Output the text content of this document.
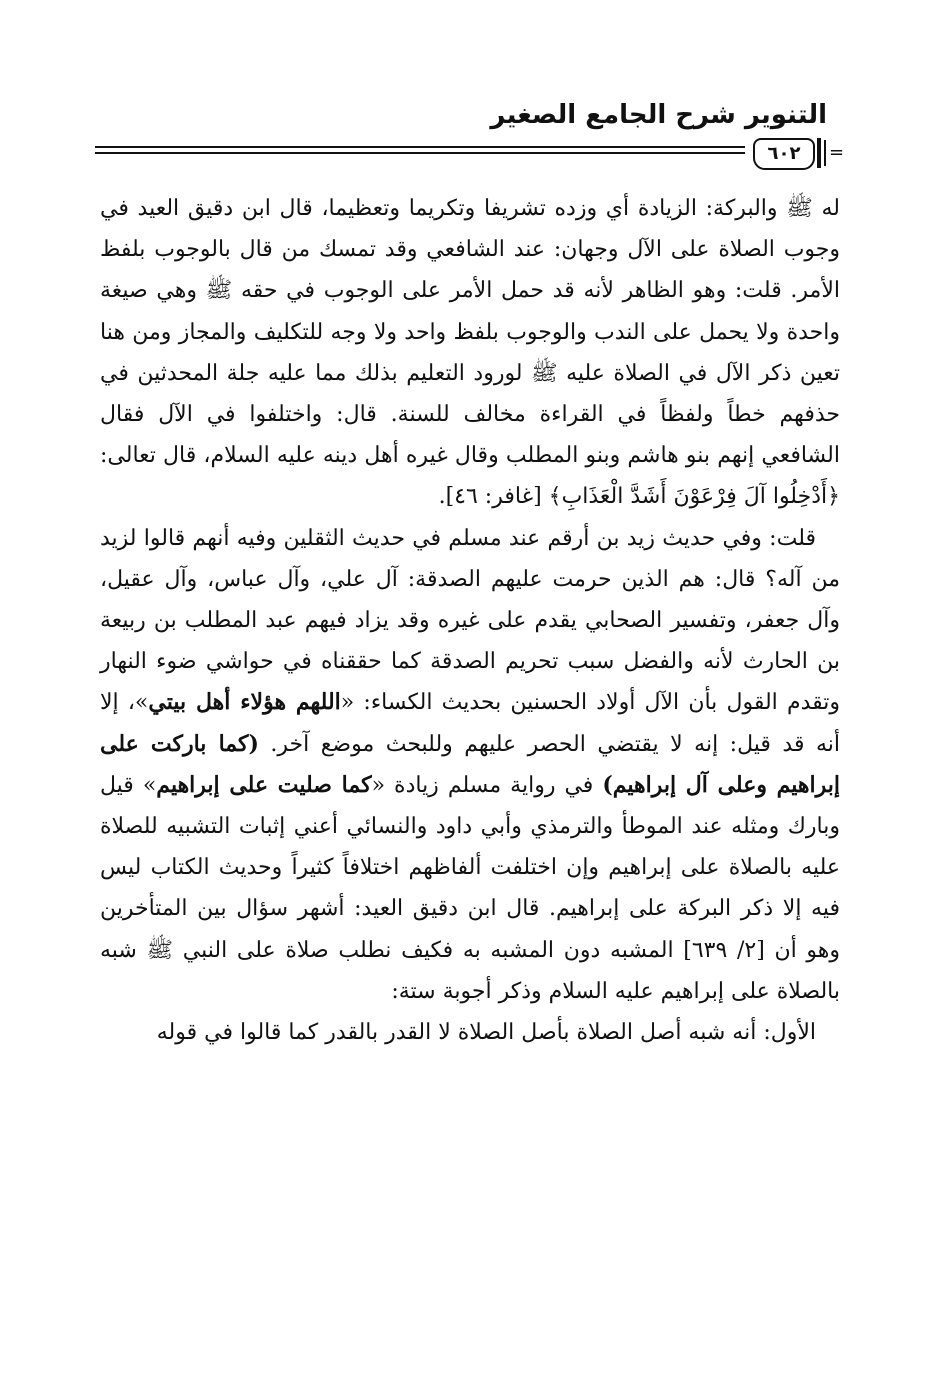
التنوير شرح الجامع الصغير
٦٠٢	=

له ﷺ والبركة: الزيادة أي وزده تشريفا وتكريما وتعظيما، قال ابن دقيق العيد في وجوب الصلاة على الآل وجهان: عند الشافعي وقد تمسك من قال بالوجوب بلفظ الأمر. قلت: وهو الظاهر لأنه قد حمل الأمر على الوجوب في حقه ﷺ وهي صيغة واحدة ولا يحمل على الندب والوجوب بلفظ واحد ولا وجه للتكليف والمجاز ومن هنا تعين ذكر الآل في الصلاة عليه ﷺ لورود التعليم بذلك مما عليه جلة المحدثين في حذفهم خطاً ولفظاً في القراءة مخالف للسنة. قال: واختلفوا في الآل فقال الشافعي إنهم بنو هاشم وبنو المطلب وقال غيره أهل دينه عليه السلام، قال تعالى: ﴿أَدْخِلُوا آلَ فِرْعَوْنَ أَشَدَّ الْعَذَابِ﴾ [غافر: ٤٦].

قلت: وفي حديث زيد بن أرقم عند مسلم في حديث الثقلين وفيه أنهم قالوا لزيد من آله؟ قال: هم الذين حرمت عليهم الصدقة: آل علي، وآل عباس، وآل عقيل، وآل جعفر، وتفسير الصحابي يقدم على غيره وقد يزاد فيهم عبد المطلب بن ربيعة بن الحارث لأنه والفضل سبب تحريم الصدقة كما حققناه في حواشي ضوء النهار وتقدم القول بأن الآل أولاد الحسنين بحديث الكساء: «اللهم هؤلاء أهل بيتي»، إلا أنه قد قيل: إنه لا يقتضي الحصر عليهم وللبحث موضع آخر. (كما باركت على إبراهيم وعلى آل إبراهيم) في رواية مسلم زيادة «كما صليت على إبراهيم» قيل وبارك ومثله عند الموطأ والترمذي وأبي داود والنسائي أعني إثبات التشبيه للصلاة عليه بالصلاة على إبراهيم وإن اختلفت ألفاظهم اختلافاً كثيراً وحديث الكتاب ليس فيه إلا ذكر البركة على إبراهيم. قال ابن دقيق العيد: أشهر سؤال بين المتأخرين وهو أن [٢/ ٦٣٩] المشبه دون المشبه به فكيف نطلب صلاة على النبي ﷺ شبه بالصلاة على إبراهيم عليه السلام وذكر أجوبة ستة:

الأول: أنه شبه أصل الصلاة بأصل الصلاة لا القدر بالقدر كما قالوا في قوله
